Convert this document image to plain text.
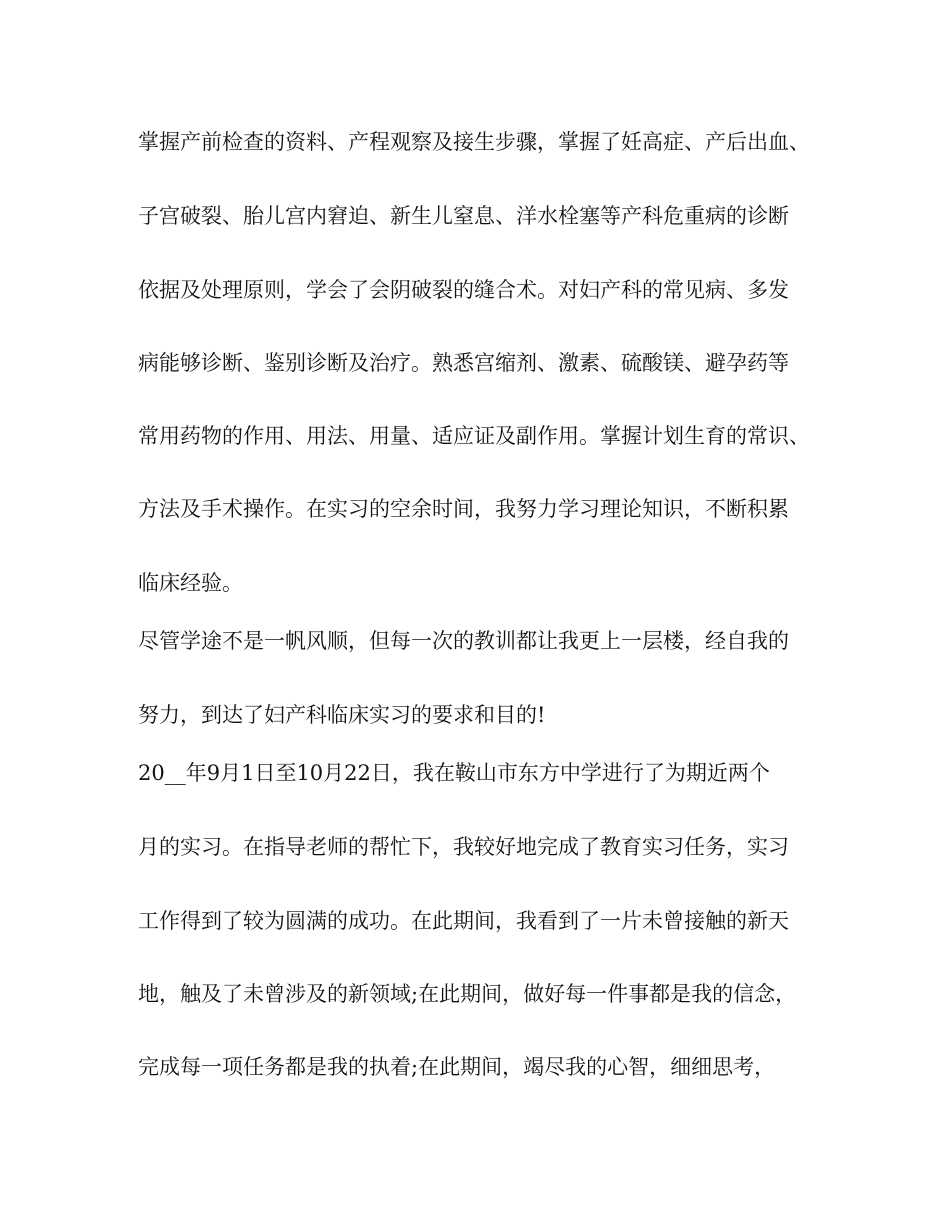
掌握产前检查的资料、产程观察及接生步骤，掌握了妊高症、产后出血、
子宫破裂、胎儿宫内窘迫、新生儿窒息、洋水栓塞等产科危重病的诊断
依据及处理原则，学会了会阴破裂的缝合术。对妇产科的常见病、多发
病能够诊断、鉴别诊断及治疗。熟悉宫缩剂、激素、硫酸镁、避孕药等
常用药物的作用、用法、用量、适应证及副作用。掌握计划生育的常识、
方法及手术操作。在实习的空余时间，我努力学习理论知识，不断积累
临床经验。
尽管学途不是一帆风顺，但每一次的教训都让我更上一层楼，经自我的
努力，到达了妇产科临床实习的要求和目的!
20__年9月1日至10月22日，我在鞍山市东方中学进行了为期近两个
月的实习。在指导老师的帮忙下，我较好地完成了教育实习任务，实习
工作得到了较为圆满的成功。在此期间，我看到了一片未曾接触的新天
地，触及了未曾涉及的新领域;在此期间，做好每一件事都是我的信念，
完成每一项任务都是我的执着;在此期间，竭尽我的心智，细细思考，
